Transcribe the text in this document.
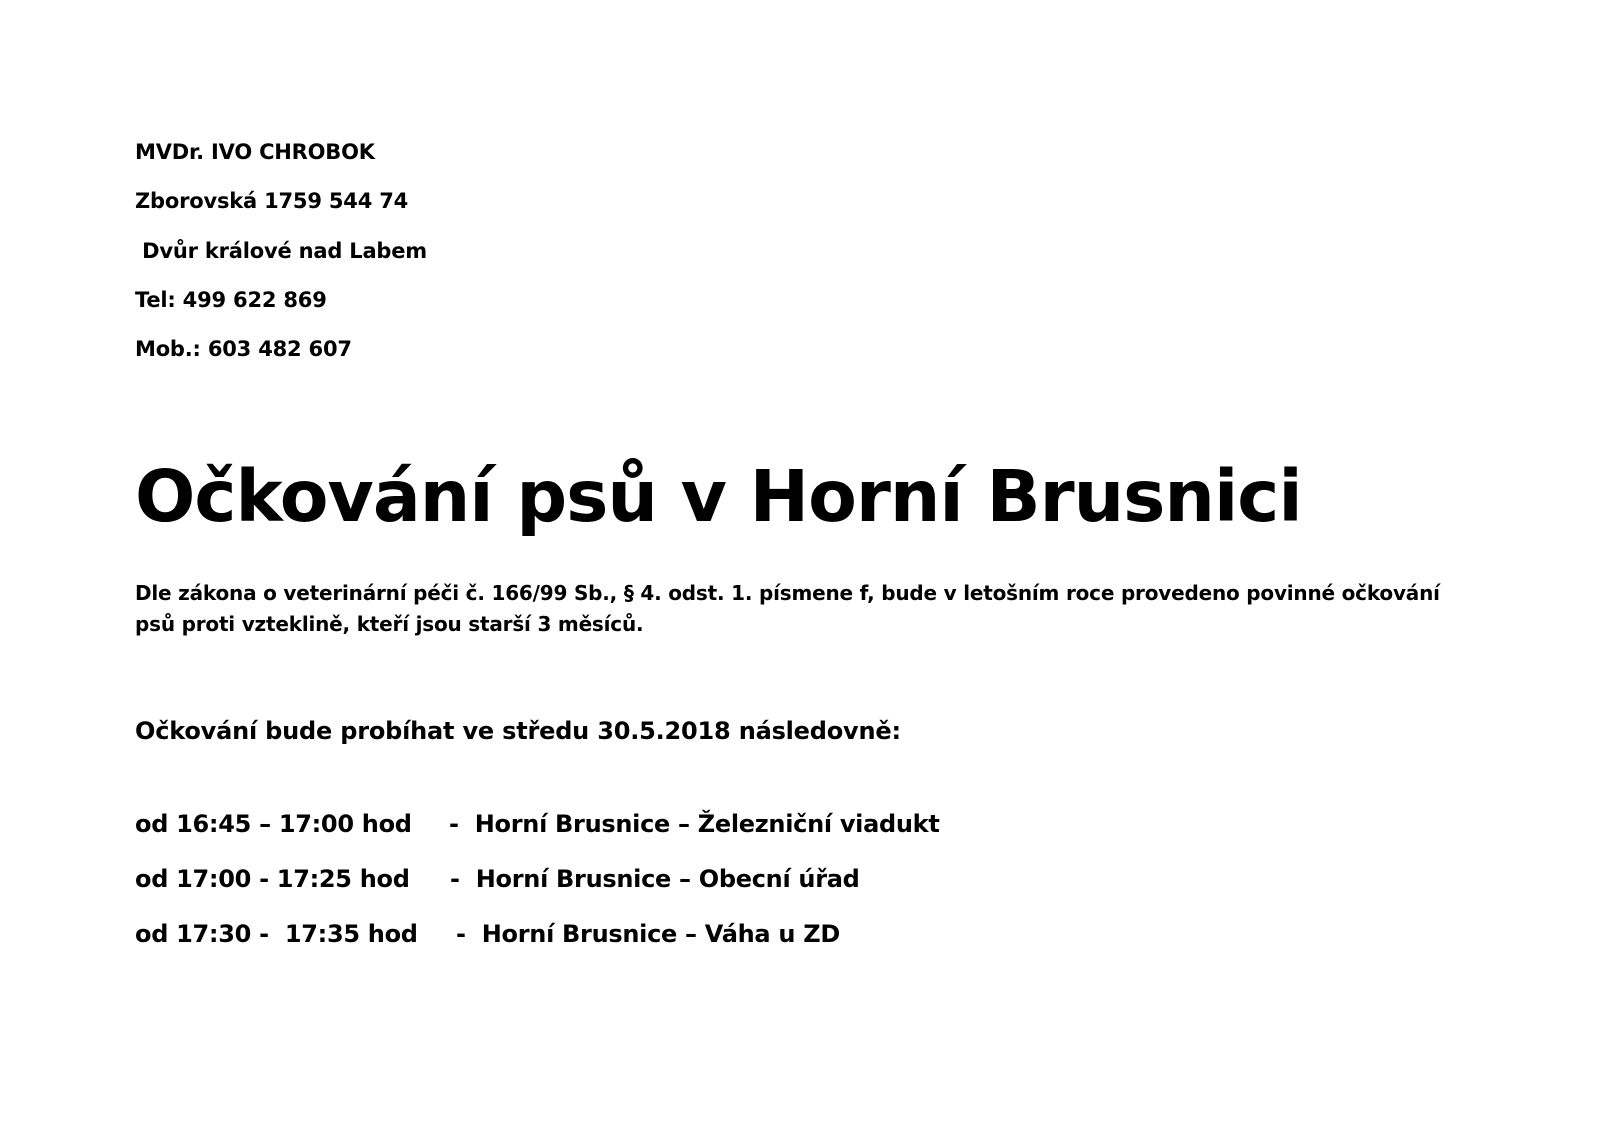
MVDr. IVO CHROBOK

Zborovská 1759 544 74

Dvůr králové nad Labem

Tel: 499 622 869

Mob.: 603 482 607

Očkování psů v Horní Brusnici

Dle zákona o veterinární péči č. 166/99 Sb., § 4. odst. 1. písmene f, bude v letošním roce provedeno povinné očkování psů proti vzteklině, kteří jsou starší 3 měsíců.

Očkování bude probíhat ve středu 30.5.2018 následovně:

od 16:45 – 17:00 hod

-  Horní Brusnice – Železniční viadukt

od 17:00 - 17:25 hod

-  Horní Brusnice – Obecní úřad

od 17:30 -  17:35 hod

-  Horní Brusnice – Váha u ZD
